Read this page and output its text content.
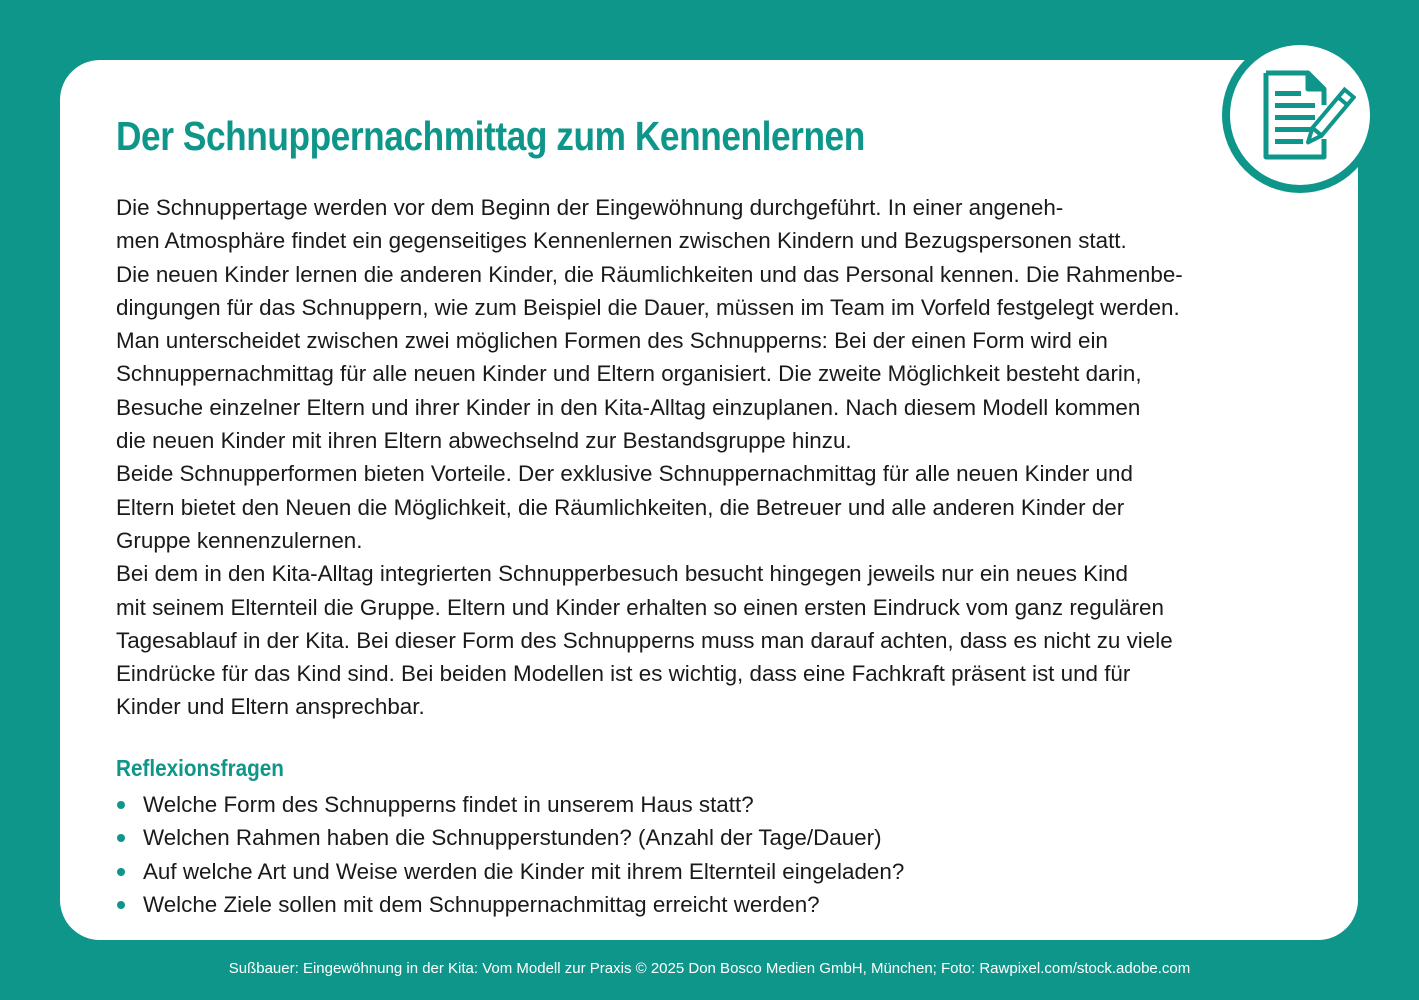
Der Schnuppernachmittag zum Kennenlernen
Die Schnuppertage werden vor dem Beginn der Eingewöhnung durchgeführt. In einer angeneh-
men Atmosphäre findet ein gegenseitiges Kennenlernen zwischen Kindern und Bezugspersonen statt.
Die neuen Kinder lernen die anderen Kinder, die Räumlichkeiten und das Personal kennen. Die Rahmenbe-
dingungen für das Schnuppern, wie zum Beispiel die Dauer, müssen im Team im Vorfeld festgelegt werden.
Man unterscheidet zwischen zwei möglichen Formen des Schnupperns: Bei der einen Form wird ein
Schnuppernachmittag für alle neuen Kinder und Eltern organisiert. Die zweite Möglichkeit besteht darin,
Besuche einzelner Eltern und ihrer Kinder in den Kita-Alltag einzuplanen. Nach diesem Modell kommen
die neuen Kinder mit ihren Eltern abwechselnd zur Bestandsgruppe hinzu.
Beide Schnupperformen bieten Vorteile. Der exklusive Schnuppernachmittag für alle neuen Kinder und
Eltern bietet den Neuen die Möglichkeit, die Räumlichkeiten, die Betreuer und alle anderen Kinder der
Gruppe kennenzulernen.
Bei dem in den Kita-Alltag integrierten Schnupperbesuch besucht hingegen jeweils nur ein neues Kind
mit seinem Elternteil die Gruppe. Eltern und Kinder erhalten so einen ersten Eindruck vom ganz regulären
Tagesablauf in der Kita. Bei dieser Form des Schnupperns muss man darauf achten, dass es nicht zu viele
Eindrücke für das Kind sind. Bei beiden Modellen ist es wichtig, dass eine Fachkraft präsent ist und für
Kinder und Eltern ansprechbar.
Reflexionsfragen
Welche Form des Schnupperns findet in unserem Haus statt?
Welchen Rahmen haben die Schnupperstunden? (Anzahl der Tage/Dauer)
Auf welche Art und Weise werden die Kinder mit ihrem Elternteil eingeladen?
Welche Ziele sollen mit dem Schnuppernachmittag erreicht werden?
Sußbauer: Eingewöhnung in der Kita: Vom Modell zur Praxis © 2025 Don Bosco Medien GmbH, München; Foto: Rawpixel.com/stock.adobe.com
